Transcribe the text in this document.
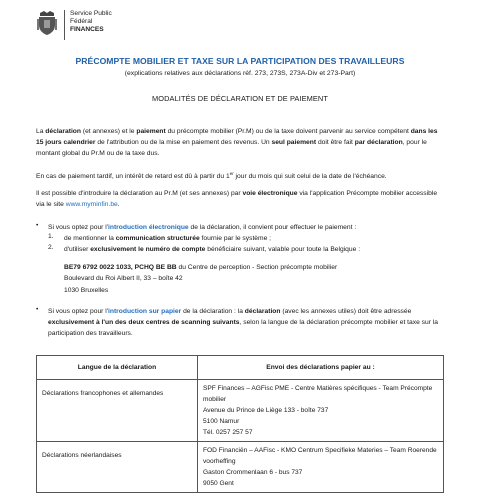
Service Public
Fédéral
FINANCES
PRÉCOMPTE MOBILIER ET TAXE SUR LA PARTICIPATION DES TRAVAILLEURS
(explications relatives aux déclarations réf. 273, 273S, 273A-Div et 273-Part)
MODALITÉS DE DÉCLARATION ET DE PAIEMENT
La déclaration (et annexes) et le paiement du précompte mobilier (Pr.M) ou de la taxe doivent parvenir au service compétent dans les 15 jours calendrier de l'attribution ou de la mise en paiement des revenus. Un seul paiement doit être fait par déclaration, pour le montant global du Pr.M ou de la taxe dus.
En cas de paiement tardif, un intérêt de retard est dû à partir du 1er jour du mois qui suit celui de la date de l'échéance.
Il est possible d'introduire la déclaration au Pr.M (et ses annexes) par voie électronique via l'application Précompte mobilier accessible via le site www.myminfin.be.
• Si vous optez pour l'introduction électronique de la déclaration, il convient pour effectuer le paiement :
1. de mentionner la communication structurée fournie par le système ;
2. d'utiliser exclusivement le numéro de compte bénéficiaire suivant, valable pour toute la Belgique :
BE79 6792 0022 1033, PCHQ BE BB du Centre de perception - Section précompte mobilier
Boulevard du Roi Albert II, 33 – boîte 42
1030 Bruxelles
• Si vous optez pour l'introduction sur papier de la déclaration : la déclaration (avec les annexes utiles) doit être adressée exclusivement à l'un des deux centres de scanning suivants, selon la langue de la déclaration précompte mobilier et taxe sur la participation des travailleurs.
Langue de la déclaration	Envoi des déclarations papier au :
Déclarations francophones et allemandes	SPF Finances – AGFisc PME - Centre Matières spécifiques - Team Précompte mobilier
Avenue du Prince de Liège 133 - boîte 737
5100 Namur
Tél. 0257 257 57

Déclarations néerlandaises	FOD Financiën – AAFisc - KMO Centrum Specifieke Materies – Team Roerende voorheffing
Gaston Crommenlaan 6 - bus 737
9050 Gent
